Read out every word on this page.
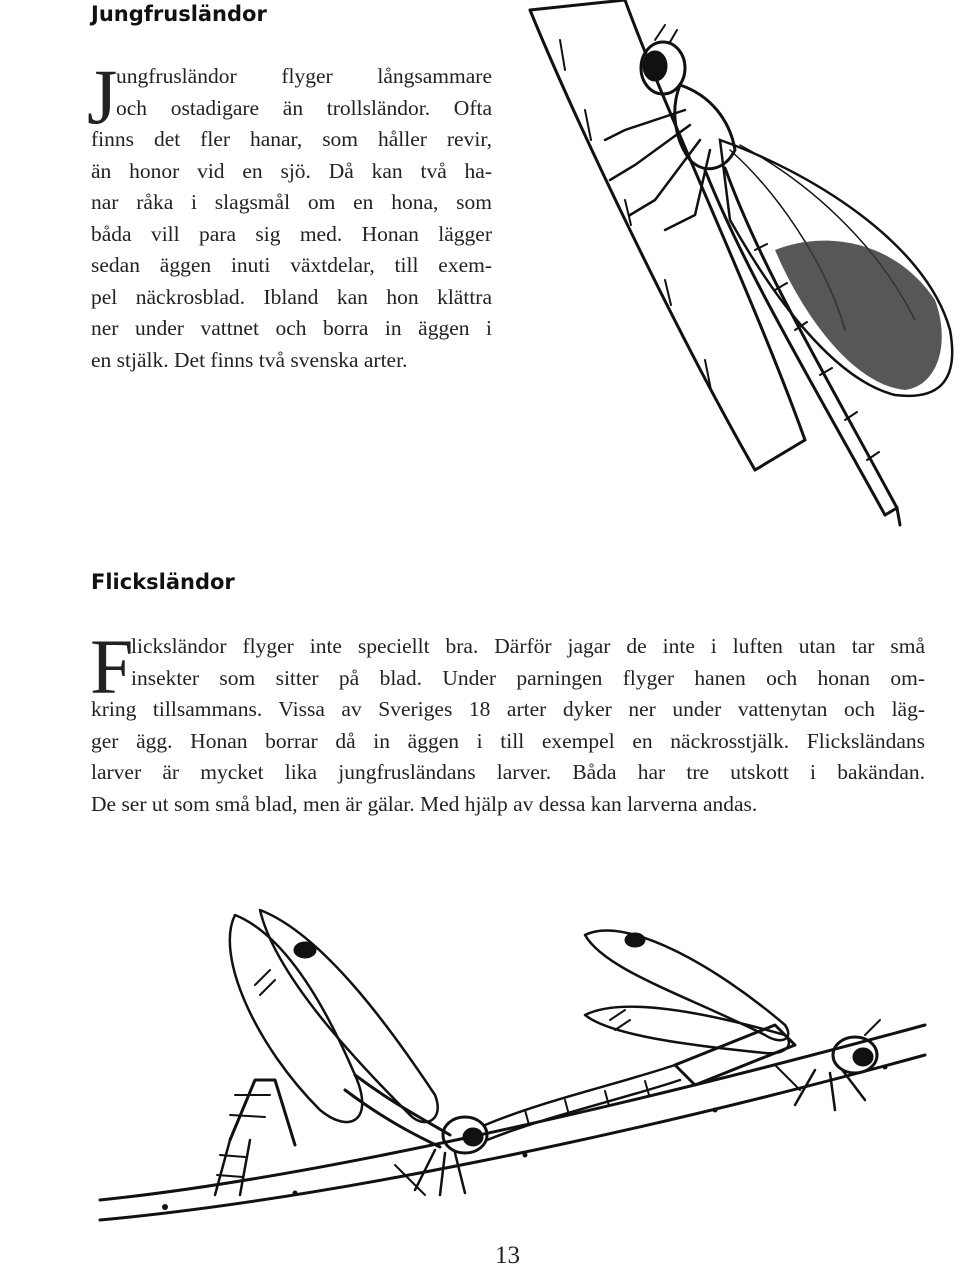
Jungfrusländor
J
ungfrusländor flyger långsammare
och ostadigare än trollsländor. Ofta
finns det fler hanar, som håller revir,
än honor vid en sjö. Då kan två ha-
nar råka i slagsmål om en hona, som
båda vill para sig med. Honan lägger
sedan äggen inuti växtdelar, till exem-
pel näckrosblad. Ibland kan hon klättra
ner under vattnet och borra in äggen i
en stjälk. Det finns två svenska arter.
Flicksländor
F
licksländor flyger inte speciellt bra. Därför jagar de inte i luften utan tar små
insekter som sitter på blad. Under parningen flyger hanen och honan om-
kring tillsammans. Vissa av Sveriges 18 arter dyker ner under vattenytan och läg-
ger ägg. Honan borrar då in äggen i till exempel en näckrosstjälk. Flicksländans
larver är mycket lika jungfrusländans larver. Båda har tre utskott i bakändan.
De ser ut som små blad, men är gälar. Med hjälp av dessa kan larverna andas.
13
